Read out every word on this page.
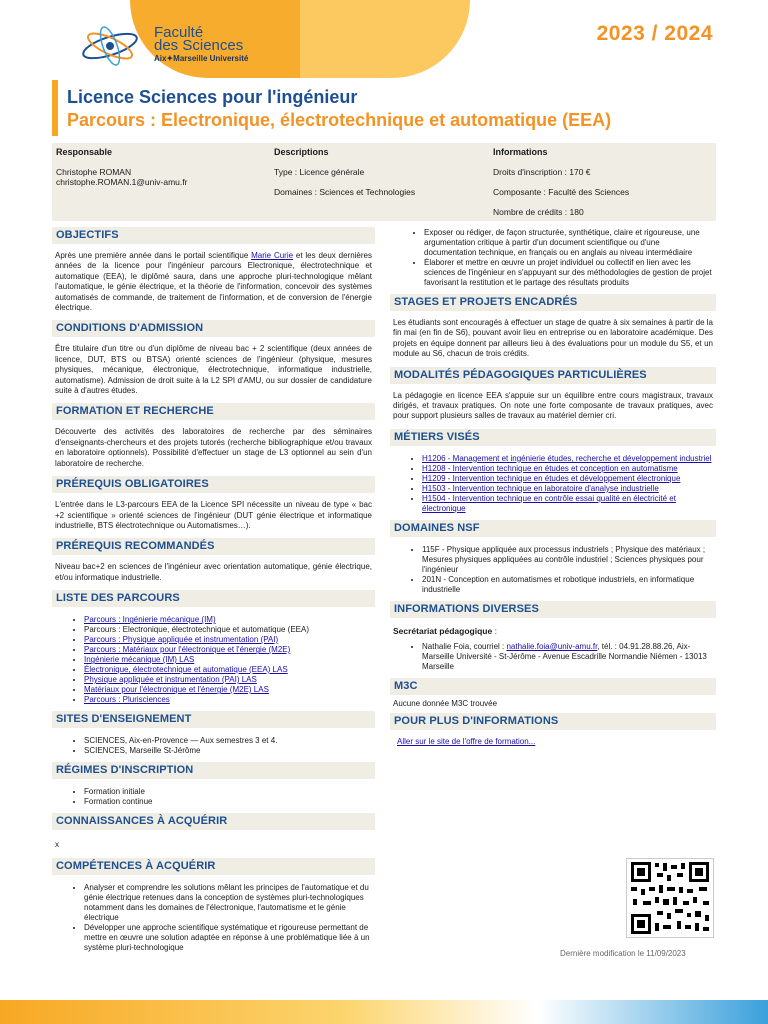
Faculté
des Sciences
Aix✦Marseille Université
2023 / 2024
Licence Sciences pour l'ingénieur
Parcours : Electronique, électrotechnique et automatique (EEA)
Responsable
Christophe ROMAN
christophe.ROMAN.1@univ-amu.fr
Descriptions
Type : Licence générale
Domaines : Sciences et Technologies
Informations
Droits d'inscription : 170 €
Composante : Faculté des Sciences
Nombre de crédits : 180
OBJECTIFS

Après une première année dans le portail scientifique Marie Curie et les deux dernières années de la licence pour l'ingénieur parcours Electronique, électrotechnique et automatique (EEA), le diplômé saura, dans une approche pluri-technologique mêlant l'automatique, le génie électrique, et la théorie de l'information, concevoir des systèmes automatisés de commande, de traitement de l'information, et de conversion de l'énergie électrique.

CONDITIONS D'ADMISSION

Être titulaire d'un titre ou d'un diplôme de niveau bac + 2 scientifique (deux années de licence, DUT, BTS ou BTSA) orienté sciences de l'ingénieur (physique, mesures physiques, mécanique, électronique, électrotechnique, informatique industrielle, automatisme). Admission de droit suite à la L2 SPI d'AMU, ou sur dossier de candidature suite à d'autres études.

FORMATION ET RECHERCHE

Découverte des activités des laboratoires de recherche par des séminaires d'enseignants-chercheurs et des projets tutorés (recherche bibliographique et/ou travaux en laboratoire optionnels). Possibilité d'effectuer un stage de L3 optionnel au sein d'un laboratoire de recherche.

PRÉREQUIS OBLIGATOIRES

L'entrée dans le L3-parcours EEA de la Licence SPI nécessite un niveau de type « bac +2 scientifique » orienté sciences de l'ingénieur (DUT génie électrique et informatique industrielle, BTS électrotechnique ou Automatismes…).

PRÉREQUIS RECOMMANDÉS

Niveau bac+2 en sciences de l'ingénieur avec orientation automatique, génie électrique, et/ou informatique industrielle.

LISTE DES PARCOURS
• Parcours : Ingénierie mécanique (IM)
• Parcours : Electronique, électrotechnique et automatique (EEA)
• Parcours : Physique appliquée et instrumentation (PAI)
• Parcours : Matériaux pour l'électronique et l'énergie (M2E)
• Ingénierie mécanique (IM) LAS
• Électronique, électrotechnique et automatique (EEA) LAS
• Physique appliquée et instrumentation (PAI) LAS
• Matériaux pour l'électronique et l'énergie (M2E) LAS
• Parcours : Plurisciences
SITES D'ENSEIGNEMENT
• SCIENCES, Aix-en-Provence — Aux semestres 3 et 4.
• SCIENCES, Marseille St-Jérôme
RÉGIMES D'INSCRIPTION
• Formation initiale
• Formation continue
CONNAISSANCES À ACQUÉRIR

x

COMPÉTENCES À ACQUÉRIR
• Analyser et comprendre les solutions mêlant les principes de l'automatique et du génie électrique retenues dans la conception de systèmes pluri-technologiques notamment dans les domaines de l'électronique, l'automatisme et le génie électrique
• Développer une approche scientifique systématique et rigoureuse permettant de mettre en œuvre une solution adaptée en réponse à une problématique liée à un système pluri-technologique
• Exposer ou rédiger, de façon structurée, synthétique, claire et rigoureuse, une argumentation critique à partir d'un document scientifique ou d'une documentation technique, en français ou en anglais au niveau intermédiaire
• Élaborer et mettre en œuvre un projet individuel ou collectif en lien avec les sciences de l'ingénieur en s'appuyant sur des méthodologies de gestion de projet favorisant la restitution et le partage des résultats produits
STAGES ET PROJETS ENCADRÉS

Les étudiants sont encouragés à effectuer un stage de quatre à six semaines à partir de la fin mai (en fin de S6), pouvant avoir lieu en entreprise ou en laboratoire académique. Des projets en équipe donnent par ailleurs lieu à des évaluations pour un module du S5, et un module au S6, chacun de trois crédits.

MODALITÉS PÉDAGOGIQUES PARTICULIÈRES

La pédagogie en licence EEA s'appuie sur un équilibre entre cours magistraux, travaux dirigés, et travaux pratiques. On note une forte composante de travaux pratiques, avec pour support plusieurs salles de travaux au matériel dernier cri.

MÉTIERS VISÉS
• H1206 - Management et ingénierie études, recherche et développement industriel
• H1208 - Intervention technique en études et conception en automatisme
• H1209 - Intervention technique en études et développement électronique
• H1503 - Intervention technique en laboratoire d'analyse industrielle
• H1504 - Intervention technique en contrôle essai qualité en électricité et électronique
DOMAINES NSF
• 115F - Physique appliquée aux processus industriels ; Physique des matériaux ; Mesures physiques appliquées au contrôle industriel ; Sciences physiques pour l'ingénieur
• 201N - Conception en automatismes et robotique industriels, en informatique industrielle
INFORMATIONS DIVERSES

Secrétariat pédagogique :

• Nathalie Foia, courriel : nathalie.foia@univ-amu.fr, tél. : 04.91.28.88.26, Aix-Marseille Université - St-Jérôme - Avenue Escadrille Normandie Niémen - 13013 Marseille
M3C

Aucune donnée M3C trouvée

POUR PLUS D'INFORMATIONS

Aller sur le site de l'offre de formation...

Dernière modification le 11/09/2023
